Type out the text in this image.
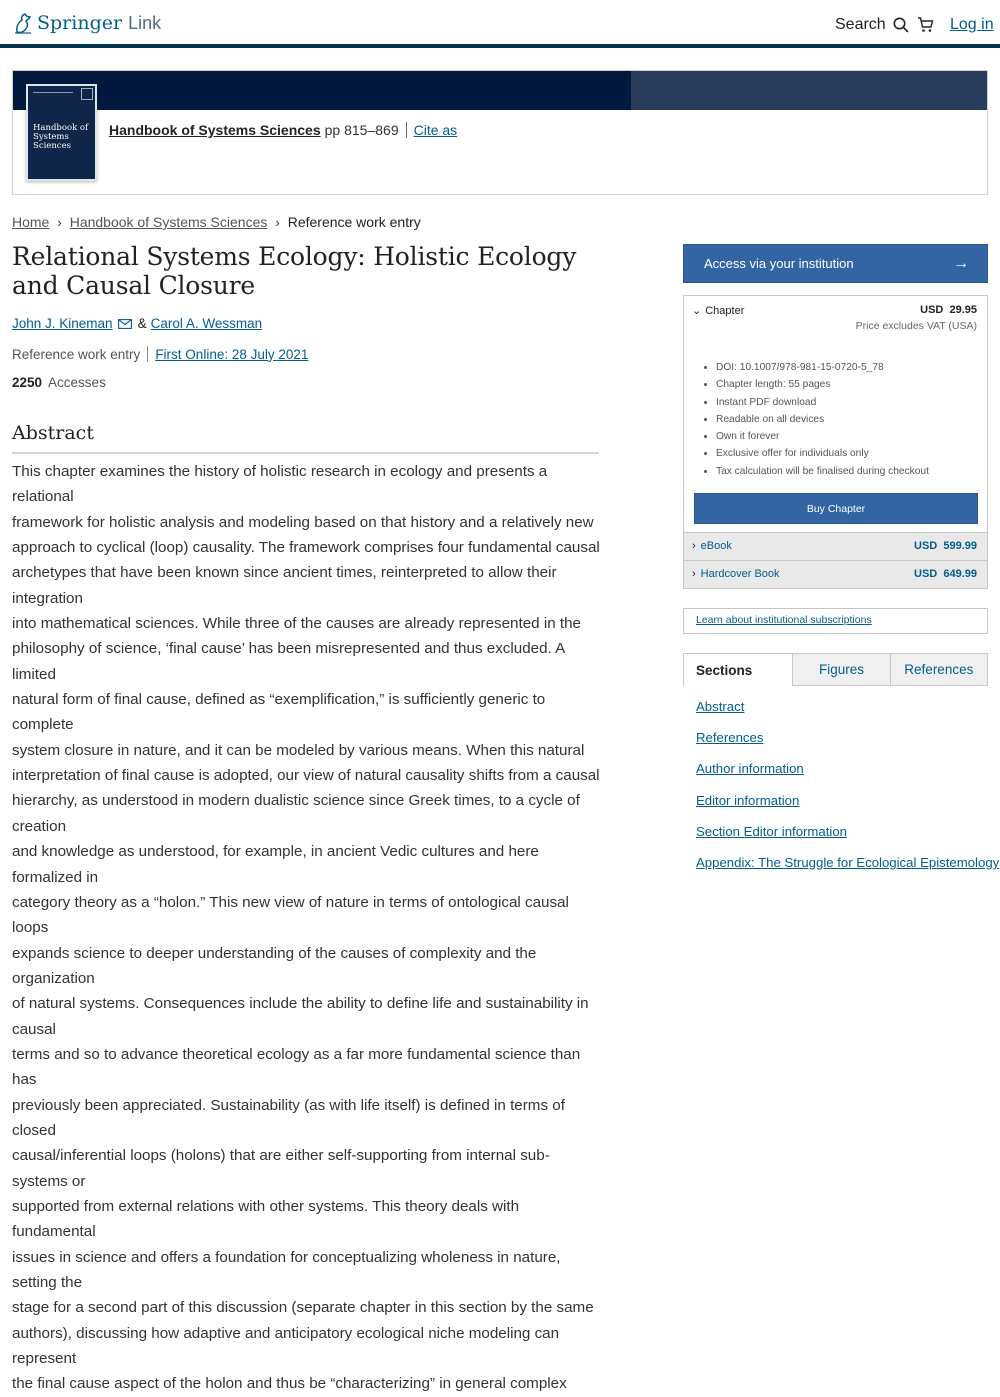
Springer Link	Search	Log in
Handbook of Systems Sciences
Handbook of Systems Sciences pp 815–869 Cite as
Home › Handbook of Systems Sciences › Reference work entry
Relational Systems Ecology: Holistic Ecology and Causal Closure
John J. Kineman & Carol A. Wessman
Reference work entry First Online: 28 July 2021
2250 Accesses
Abstract
This chapter examines the history of holistic research in ecology and presents a relational
framework for holistic analysis and modeling based on that history and a relatively new
approach to cyclical (loop) causality. The framework comprises four fundamental causal
archetypes that have been known since ancient times, reinterpreted to allow their integration
into mathematical sciences. While three of the causes are already represented in the
philosophy of science, ‘final cause’ has been misrepresented and thus excluded. A limited
natural form of final cause, defined as “exemplification,” is sufficiently generic to complete
system closure in nature, and it can be modeled by various means. When this natural
interpretation of final cause is adopted, our view of natural causality shifts from a causal
hierarchy, as understood in modern dualistic science since Greek times, to a cycle of creation
and knowledge as understood, for example, in ancient Vedic cultures and here formalized in
category theory as a “holon.” This new view of nature in terms of ontological causal loops
expands science to deeper understanding of the causes of complexity and the organization
of natural systems. Consequences include the ability to define life and sustainability in causal
terms and so to advance theoretical ecology as a far more fundamental science than has
previously been appreciated. Sustainability (as with life itself) is defined in terms of closed
causal/inferential loops (holons) that are either self-supporting from internal sub-systems or
supported from external relations with other systems. This theory deals with fundamental
issues in science and offers a foundation for conceptualizing wholeness in nature, setting the
stage for a second part of this discussion (separate chapter in this section by the same
authors), discussing how adaptive and anticipatory ecological niche modeling can represent
the final cause aspect of the holon and thus be “characterizing” in general complex
Access via your institution	→
⌄ Chapter	USD  29.95
Price excludes VAT (USA)
• DOI: 10.1007/978-981-15-0720-5_78
• Chapter length: 55 pages
• Instant PDF download
• Readable on all devices
• Own it forever
• Exclusive offer for individuals only
• Tax calculation will be finalised during checkout
Buy Chapter
› eBook	USD  599.99
› Hardcover Book	USD  649.99
Learn about institutional subscriptions
Sections	Figures	References
Abstract
References
Author information
Editor information
Section Editor information
Appendix: The Struggle for Ecological Epistemology
